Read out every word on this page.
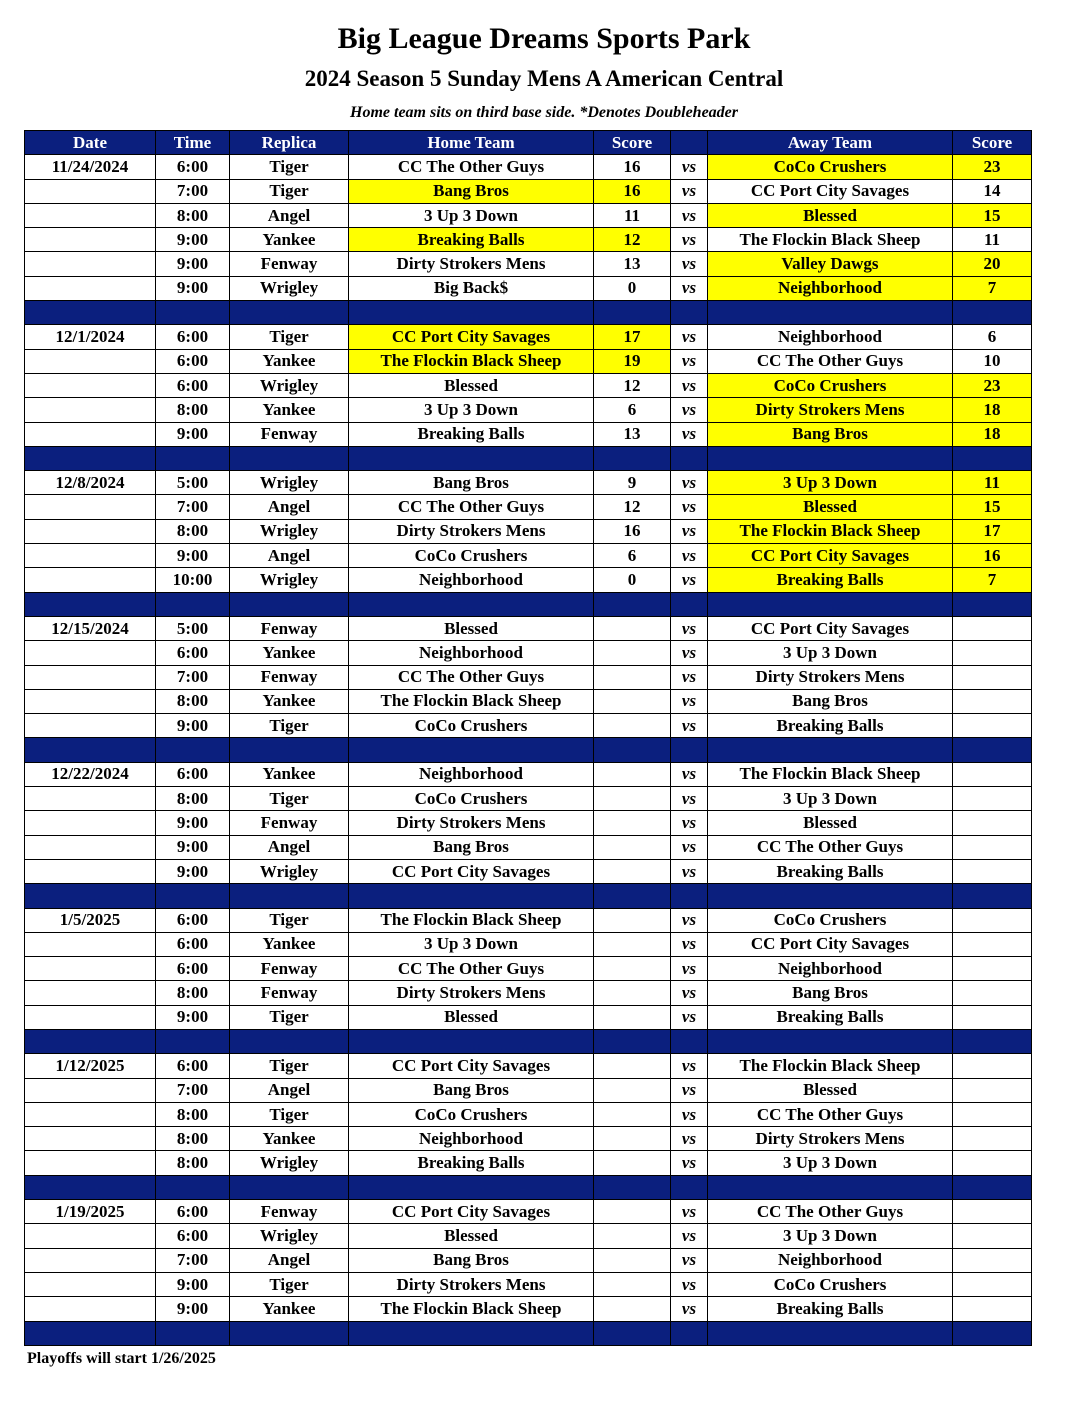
Big League Dreams Sports Park
2024 Season 5 Sunday Mens A American Central
Home team sits on third base side. *Denotes Doubleheader
Date	Time	Replica	Home Team	Score		Away Team	Score
11/24/2024	6:00	Tiger	CC The Other Guys	16	vs	CoCo Crushers	23
	7:00	Tiger	Bang Bros	16	vs	CC Port City Savages	14
	8:00	Angel	3 Up 3 Down	11	vs	Blessed	15
	9:00	Yankee	Breaking Balls	12	vs	The Flockin Black Sheep	11
	9:00	Fenway	Dirty Strokers Mens	13	vs	Valley Dawgs	20
	9:00	Wrigley	Big Back$	0	vs	Neighborhood	7

12/1/2024	6:00	Tiger	CC Port City Savages	17	vs	Neighborhood	6
	6:00	Yankee	The Flockin Black Sheep	19	vs	CC The Other Guys	10
	6:00	Wrigley	Blessed	12	vs	CoCo Crushers	23
	8:00	Yankee	3 Up 3 Down	6	vs	Dirty Strokers Mens	18
	9:00	Fenway	Breaking Balls	13	vs	Bang Bros	18

12/8/2024	5:00	Wrigley	Bang Bros	9	vs	3 Up 3 Down	11
	7:00	Angel	CC The Other Guys	12	vs	Blessed	15
	8:00	Wrigley	Dirty Strokers Mens	16	vs	The Flockin Black Sheep	17
	9:00	Angel	CoCo Crushers	6	vs	CC Port City Savages	16
	10:00	Wrigley	Neighborhood	0	vs	Breaking Balls	7

12/15/2024	5:00	Fenway	Blessed		vs	CC Port City Savages	
	6:00	Yankee	Neighborhood		vs	3 Up 3 Down	
	7:00	Fenway	CC The Other Guys		vs	Dirty Strokers Mens	
	8:00	Yankee	The Flockin Black Sheep		vs	Bang Bros	
	9:00	Tiger	CoCo Crushers		vs	Breaking Balls	

12/22/2024	6:00	Yankee	Neighborhood		vs	The Flockin Black Sheep	
	8:00	Tiger	CoCo Crushers		vs	3 Up 3 Down	
	9:00	Fenway	Dirty Strokers Mens		vs	Blessed	
	9:00	Angel	Bang Bros		vs	CC The Other Guys	
	9:00	Wrigley	CC Port City Savages		vs	Breaking Balls	

1/5/2025	6:00	Tiger	The Flockin Black Sheep		vs	CoCo Crushers	
	6:00	Yankee	3 Up 3 Down		vs	CC Port City Savages	
	6:00	Fenway	CC The Other Guys		vs	Neighborhood	
	8:00	Fenway	Dirty Strokers Mens		vs	Bang Bros	
	9:00	Tiger	Blessed		vs	Breaking Balls	

1/12/2025	6:00	Tiger	CC Port City Savages		vs	The Flockin Black Sheep	
	7:00	Angel	Bang Bros		vs	Blessed	
	8:00	Tiger	CoCo Crushers		vs	CC The Other Guys	
	8:00	Yankee	Neighborhood		vs	Dirty Strokers Mens	
	8:00	Wrigley	Breaking Balls		vs	3 Up 3 Down	

1/19/2025	6:00	Fenway	CC Port City Savages		vs	CC The Other Guys	
	6:00	Wrigley	Blessed		vs	3 Up 3 Down	
	7:00	Angel	Bang Bros		vs	Neighborhood	
	9:00	Tiger	Dirty Strokers Mens		vs	CoCo Crushers	
	9:00	Yankee	The Flockin Black Sheep		vs	Breaking Balls	

Playoffs will start 1/26/2025
